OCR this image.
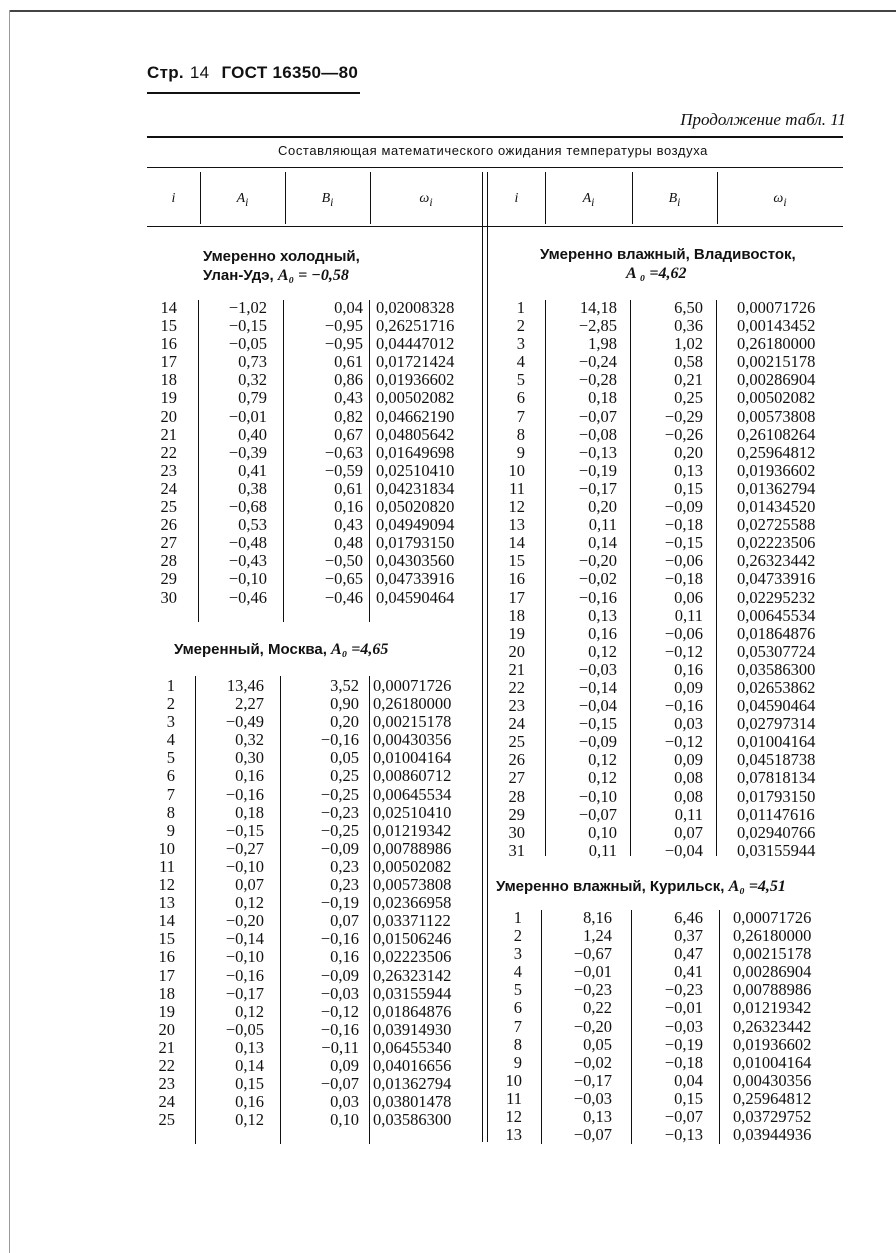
Стр. 14 ГОСТ 16350—80
Продолжение табл. 11
Составляющая математического ожидания температуры воздуха
i	$A_i$	$B_i$	$\omega_i$	i	$A_i$	$B_i$	$\omega_i$
Умеренно холодный,
Улан-Удэ, A₀ = −0,58
14	−1,02	0,04 0,02008328
15	−0,15	−0,95 0,26251716
16	−0,05	−0,95 0,04447012
17	0,73	0,61 0,01721424
18	0,32	0,86 0,01936602
19	0,79	0,43 0,00502082
20	−0,01	0,82 0,04662190
21	0,40	0,67 0,04805642
22	−0,39	−0,63 0,01649698
23	0,41	−0,59 0,02510410
24	0,38	0,61 0,04231834
25	−0,68	0,16 0,05020820
26	0,53	0,43 0,04949094
27	−0,48	0,48 0,01793150
28	−0,43	−0,50 0,04303560
29	−0,10	−0,65 0,04733916
30	−0,46	−0,46 0,04590464
Умеренный, Москва, A₀ =4,65
1	13,46	3,52 0,00071726
2	2,27	0,90 0,26180000
3	−0,49	0,20 0,00215178
4	0,32	−0,16 0,00430356
5	0,30	0,05 0,01004164
6	0,16	0,25 0,00860712
7	−0,16	−0,25 0,00645534
8	0,18	−0,23 0,02510410
9	−0,15	−0,25 0,01219342
10	−0,27	−0,09 0,00788986
11	−0,10	0,23 0,00502082
12	0,07	0,23 0,00573808
13	0,12	−0,19 0,02366958
14	−0,20	0,07 0,03371122
15	−0,14	−0,16 0,01506246
16	−0,10	0,16 0,02223506
17	−0,16	−0,09 0,26323142
18	−0,17	−0,03 0,03155944
19	0,12	−0,12 0,01864876
20	−0,05	−0,16 0,03914930
21	0,13	−0,11 0,06455340
22	0,14	0,09 0,04016656
23	0,15	−0,07 0,01362794
24	0,16	0,03 0,03801478
25	0,12	0,10 0,03586300
Умеренно влажный, Владивосток,
A ₀ =4,62
1	14,18	6,50 0,00071726
2	−2,85	0,36 0,00143452
3	1,98	1,02 0,26180000
4	−0,24	0,58 0,00215178
5	−0,28	0,21 0,00286904
6	0,18	0,25 0,00502082
7	−0,07	−0,29 0,00573808
8	−0,08	−0,26 0,26108264
9	−0,13	0,20 0,25964812
10	−0,19	0,13 0,01936602
11	−0,17	0,15 0,01362794
12	0,20	−0,09 0,01434520
13	0,11	−0,18 0,02725588
14	0,14	−0,15 0,02223506
15	−0,20	−0,06 0,26323442
16	−0,02	−0,18 0,04733916
17	−0,16	0,06 0,02295232
18	0,13	0,11 0,00645534
19	0,16	−0,06 0,01864876
20	0,12	−0,12 0,05307724
21	−0,03	0,16 0,03586300
22	−0,14	0,09 0,02653862
23	−0,04	−0,16 0,04590464
24	−0,15	0,03 0,02797314
25	−0,09	−0,12 0,01004164
26	0,12	0,09 0,04518738
27	0,12	0,08 0,07818134
28	−0,10	0,08 0,01793150
29	−0,07	0,11 0,01147616
30	0,10	0,07 0,02940766
31	0,11	−0,04 0,03155944
Умеренно влажный, Курильск, A₀ =4,51
1	8,16	6,46 0,00071726
2	1,24	0,37 0,26180000
3	−0,67	0,47 0,00215178
4	−0,01	0,41 0,00286904
5	−0,23	−0,23 0,00788986
6	0,22	−0,01 0,01219342
7	−0,20	−0,03 0,26323442
8	0,05	−0,19 0,01936602
9	−0,02	−0,18 0,01004164
10	−0,17	0,04 0,00430356
11	−0,03	0,15 0,25964812
12	0,13	−0,07 0,03729752
13	−0,07	−0,13 0,03944936
